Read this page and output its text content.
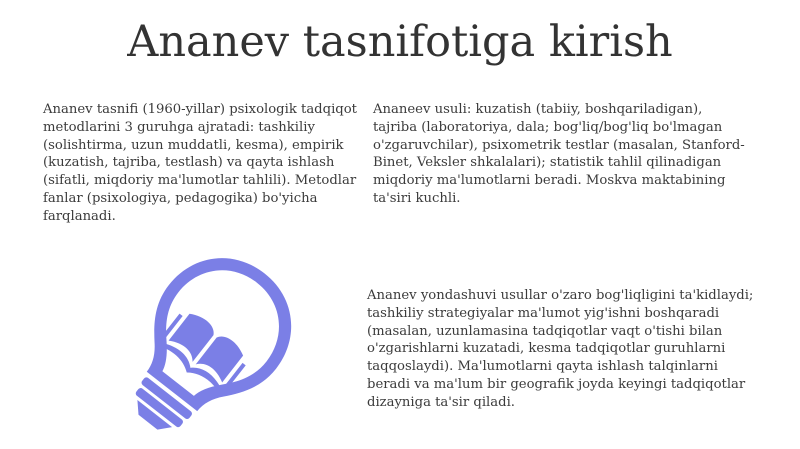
Ananev tasnifotiga kirish

Ananev tasnifi (1960-yillar) psixologik tadqiqot metodlarini 3 guruhga ajratadi: tashkiliy (solishtirma, uzun muddatli, kesma), empirik (kuzatish, tajriba, testlash) va qayta ishlash (sifatli, miqdoriy ma'lumotlar tahlili). Metodlar fanlar (psixologiya, pedagogika) bo'yicha farqlanadi.

Ananeev usuli: kuzatish (tabiiy, boshqariladigan), tajriba (laboratoriya, dala; bog'liq/bog'liq bo'lmagan o'zgaruvchilar), psixometrik testlar (masalan, Stanford-Binet, Veksler shkalalari); statistik tahlil qilinadigan miqdoriy ma'lumotlarni beradi. Moskva maktabining ta'siri kuchli.

Ananev yondashuvi usullar o'zaro bog'liqligini ta'kidlaydi; tashkiliy strategiyalar ma'lumot yig'ishni boshqaradi (masalan, uzunlamasina tadqiqotlar vaqt o'tishi bilan o'zgarishlarni kuzatadi, kesma tadqiqotlar guruhlarni taqqoslaydi). Ma'lumotlarni qayta ishlash talqinlarni beradi va ma'lum bir geografik joyda keyingi tadqiqotlar dizayniga ta'sir qiladi.
